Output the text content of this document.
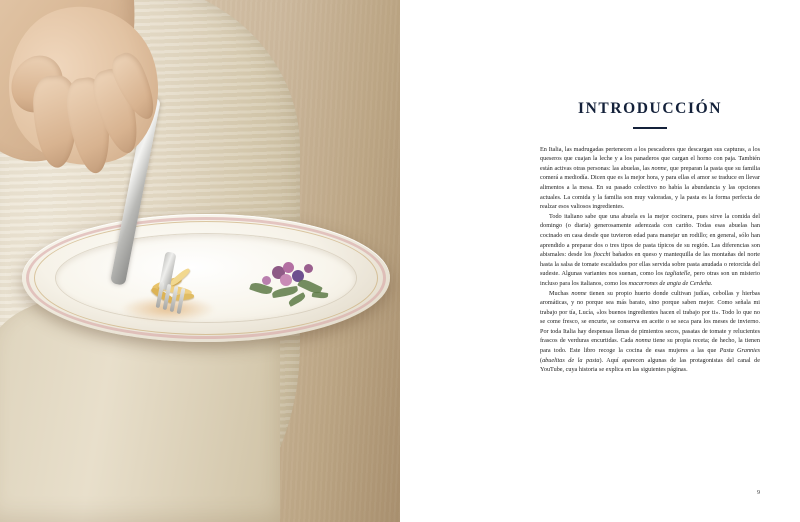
INTRODUCCIÓN

En Italia, las madrugadas pertenecen a los pescadores que descargan sus capturas, a los queseros que cuajan la leche y a los panaderos que cargan el horno con paja. También están activas otras personas: las abuelas, las nonne, que preparan la pasta que su familia comerá a mediodía. Dicen que es la mejor hora, y para ellas el amor se traduce en llevar alimentos a la mesa. En su pasado colectivo no había la abundancia y las opciones actuales. La comida y la familia son muy valoradas, y la pasta es la forma perfecta de realzar esos valiosos ingredientes.

Todo italiano sabe que una abuela es la mejor cocinera, pues sirve la comida del domingo (o diaria) generosamente aderezada con cariño. Todas esas abuelas han cocinado en casa desde que tuvieron edad para manejar un rodillo; en general, sólo han aprendido a preparar dos o tres tipos de pasta típicos de su región. Las diferencias son abismales: desde los fiocchi bañados en queso y mantequilla de las montañas del norte hasta la salsa de tomate escaldados por ellas servida sobre pasta anudada o retorcida del sudeste. Algunas variantes nos suenan, como los tagliatelle, pero otras son un misterio incluso para los italianos, como los macarrones de angia de Cerdeña.

Muchas nonne tienen su propio huerto donde cultivan judías, cebollas y hierbas aromáticas, y no porque sea más barato, sino porque saben mejor. Como señala mi trabajo por tía, Lucía, «los buenos ingredientes hacen el trabajo por ti». Todo lo que no se come fresco, se encurte, se conserva en aceite o se seca para los meses de invierno. Por toda Italia hay despensas llenas de pimientos secos, pasatas de tomate y relucientes frascos de verduras encurtidas. Cada nonna tiene su propia receta; de hecho, la tienen para todo. Este libro recoge la cocina de esas mujeres a las que Pasta Grannies (abuelitas de la pasta). Aquí aparecen algunas de las protagonistas del canal de YouTube, cuya historia se explica en las siguientes páginas.

9
